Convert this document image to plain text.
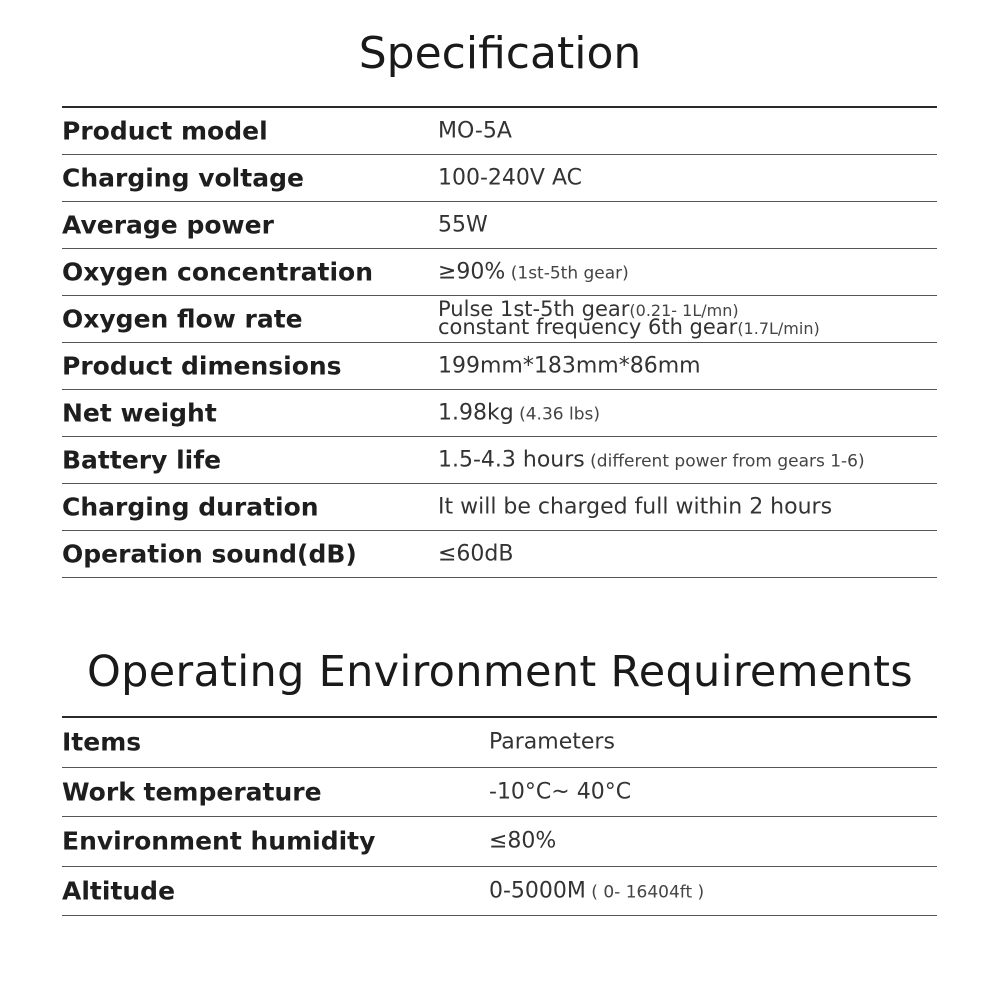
Specification
Product model	MO-5A
Charging voltage	100-240V AC
Average power	55W
Oxygen concentration	≥90% (1st-5th gear)
Oxygen flow rate	Pulse 1st-5th gear(0.21- 1L/mn)
constant frequency 6th gear(1.7L/min)
Product dimensions	199mm*183mm*86mm
Net weight	1.98kg (4.36 lbs)
Battery life	1.5-4.3 hours (different power from gears 1-6)
Charging duration	It will be charged full within 2 hours
Operation sound(dB)	≤60dB
Operating Environment Requirements
Items	Parameters
Work temperature	-10°C~ 40°C
Environment humidity	≤80%
Altitude	0-5000M ( 0- 16404ft )
